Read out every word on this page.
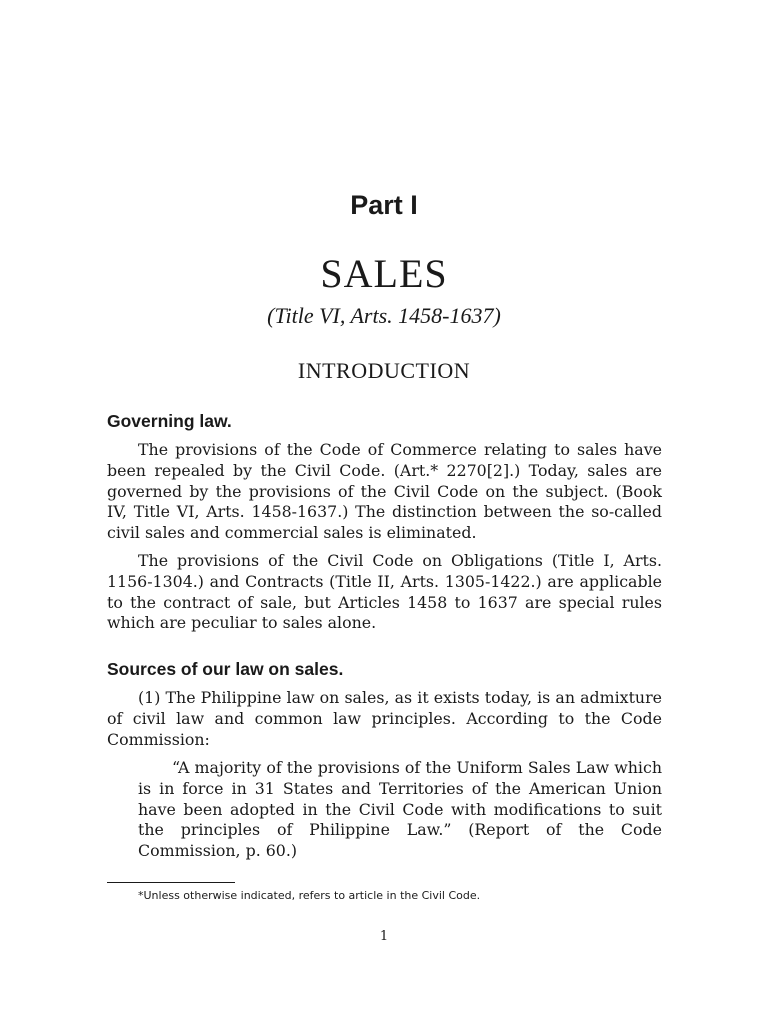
Part I
SALES
(Title VI, Arts. 1458-1637)
INTRODUCTION
Governing law.

The provisions of the Code of Commerce relating to sales have been repealed by the Civil Code. (Art.* 2270[2].) Today, sales are governed by the provisions of the Civil Code on the subject. (Book IV, Title VI, Arts. 1458-1637.) The distinction between the so-called civil sales and commercial sales is eliminated.

The provisions of the Civil Code on Obligations (Title I, Arts. 1156-1304.) and Contracts (Title II, Arts. 1305-1422.) are applicable to the contract of sale, but Articles 1458 to 1637 are special rules which are peculiar to sales alone.

Sources of our law on sales.

(1) The Philippine law on sales, as it exists today, is an admixture of civil law and common law principles. According to the Code Commission:

“A majority of the provisions of the Uniform Sales Law which is in force in 31 States and Territories of the American Union have been adopted in the Civil Code with modifications to suit the principles of Philippine Law.” (Report of the Code Commission, p. 60.)

*Unless otherwise indicated, refers to article in the Civil Code.
1
